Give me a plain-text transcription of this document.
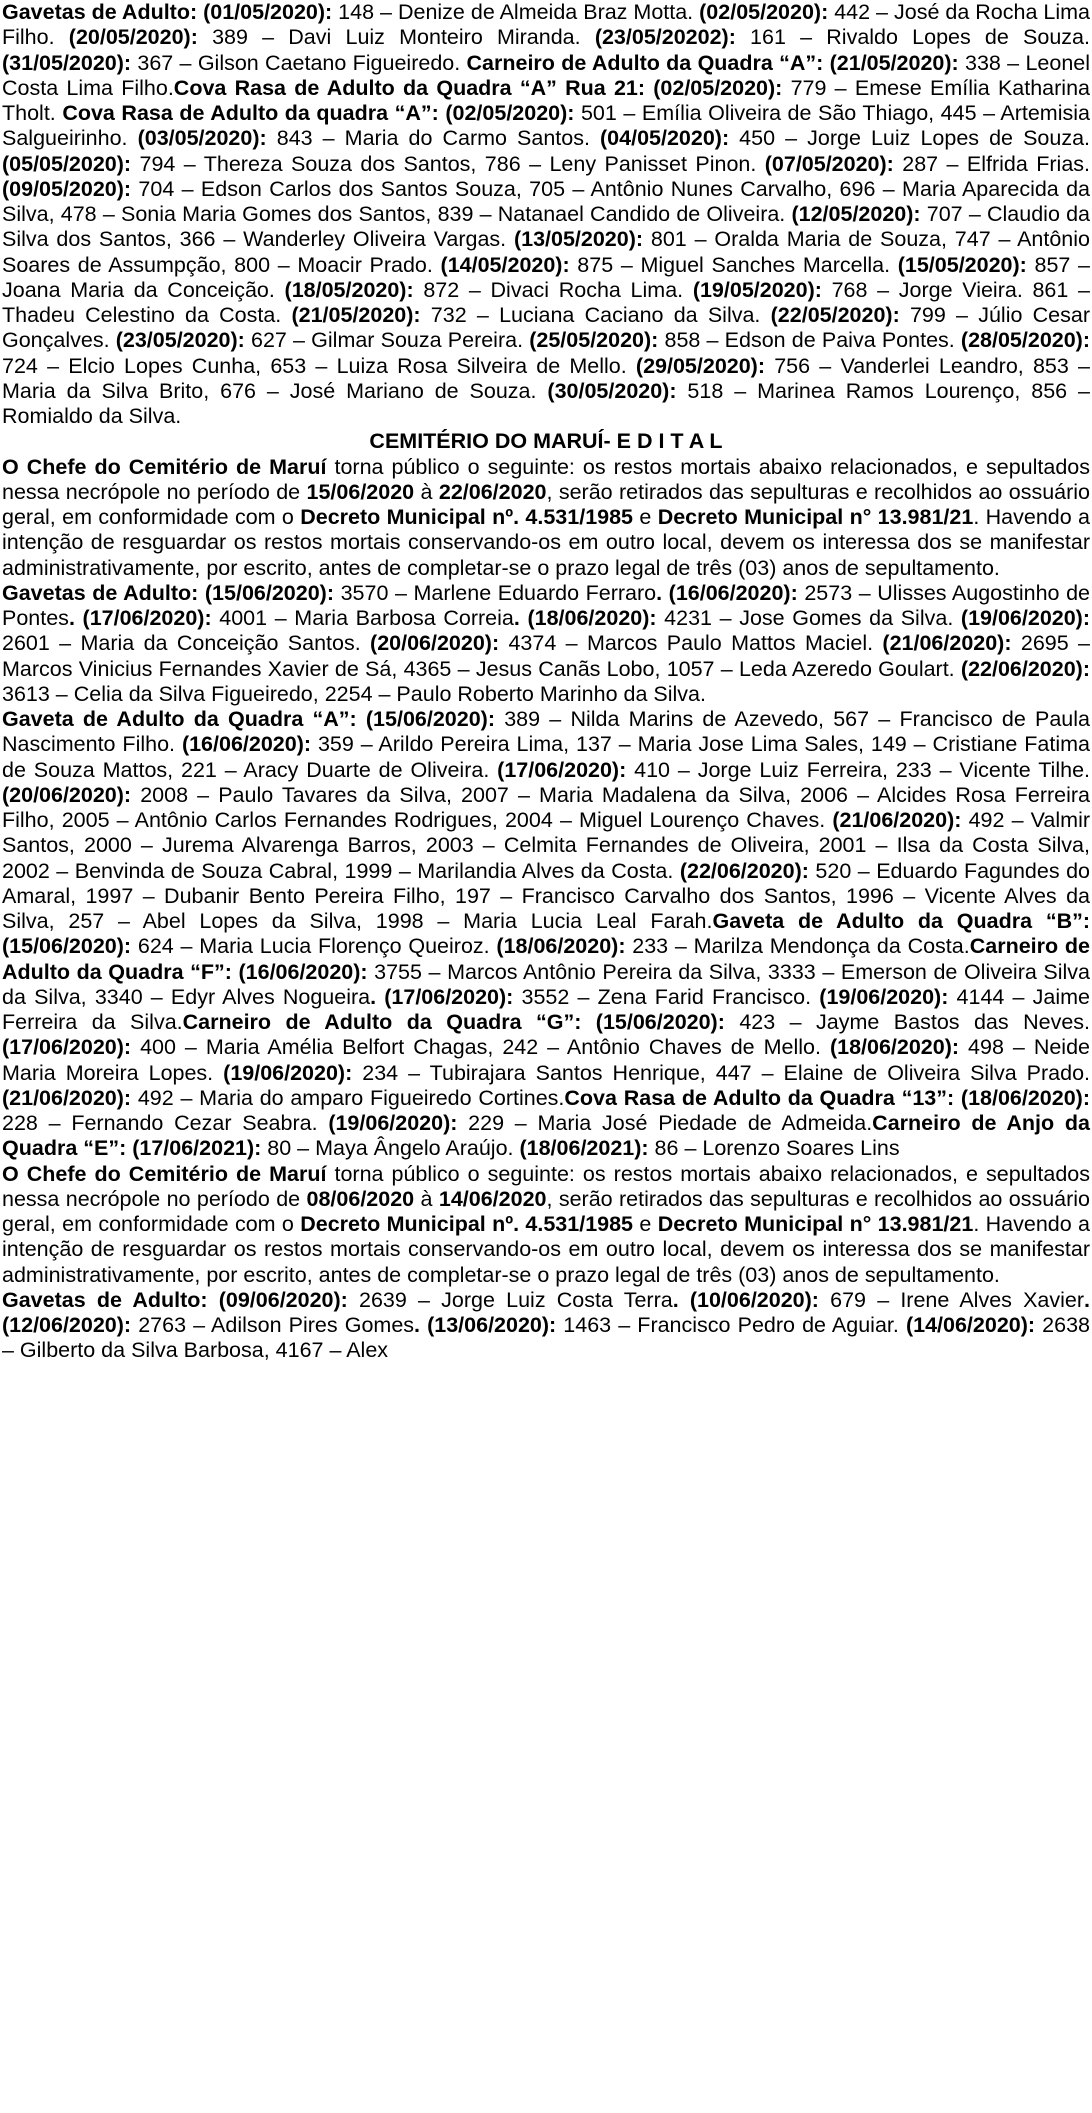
Gavetas de Adulto: (01/05/2020): 148 – Denize de Almeida Braz Motta. (02/05/2020): 442 – José da Rocha Lima Filho. (20/05/2020): 389 – Davi Luiz Monteiro Miranda. (23/05/20202): 161 – Rivaldo Lopes de Souza. (31/05/2020): 367 – Gilson Caetano Figueiredo. Carneiro de Adulto da Quadra “A”: (21/05/2020): 338 – Leonel Costa Lima Filho.Cova Rasa de Adulto da Quadra “A” Rua 21: (02/05/2020): 779 – Emese Emília Katharina Tholt. Cova Rasa de Adulto da quadra “A”: (02/05/2020): 501 – Emília Oliveira de São Thiago, 445 – Artemisia Salgueirinho. (03/05/2020): 843 – Maria do Carmo Santos. (04/05/2020): 450 – Jorge Luiz Lopes de Souza. (05/05/2020): 794 – Thereza Souza dos Santos, 786 – Leny Panisset Pinon. (07/05/2020): 287 – Elfrida Frias. (09/05/2020): 704 – Edson Carlos dos Santos Souza, 705 – Antônio Nunes Carvalho, 696 – Maria Aparecida da Silva, 478 – Sonia Maria Gomes dos Santos, 839 – Natanael Candido de Oliveira. (12/05/2020): 707 – Claudio da Silva dos Santos, 366 – Wanderley Oliveira Vargas. (13/05/2020): 801 – Oralda Maria de Souza, 747 – Antônio Soares de Assumpção, 800 – Moacir Prado. (14/05/2020): 875 – Miguel Sanches Marcella. (15/05/2020): 857 – Joana Maria da Conceição. (18/05/2020): 872 – Divaci Rocha Lima. (19/05/2020): 768 – Jorge Vieira. 861 – Thadeu Celestino da Costa. (21/05/2020): 732 – Luciana Caciano da Silva. (22/05/2020): 799 – Júlio Cesar Gonçalves. (23/05/2020): 627 – Gilmar Souza Pereira. (25/05/2020): 858 – Edson de Paiva Pontes. (28/05/2020): 724 – Elcio Lopes Cunha, 653 – Luiza Rosa Silveira de Mello. (29/05/2020): 756 – Vanderlei Leandro, 853 – Maria da Silva Brito, 676 – José Mariano de Souza. (30/05/2020): 518 – Marinea Ramos Lourenço, 856 – Romialdo da Silva.

CEMITÉRIO DO MARUÍ- E D I T A L

O Chefe do Cemitério de Maruí torna público o seguinte: os restos mortais abaixo relacionados, e sepultados nessa necrópole no período de 15/06/2020 à 22/06/2020, serão retirados das sepulturas e recolhidos ao ossuário geral, em conformidade com o Decreto Municipal nº. 4.531/1985 e Decreto Municipal n° 13.981/21. Havendo a intenção de resguardar os restos mortais conservando-os em outro local, devem os interessa dos se manifestar administrativamente, por escrito, antes de completar-se o prazo legal de três (03) anos de sepultamento.

Gavetas de Adulto: (15/06/2020): 3570 – Marlene Eduardo Ferraro. (16/06/2020): 2573 – Ulisses Augostinho de Pontes. (17/06/2020): 4001 – Maria Barbosa Correia. (18/06/2020): 4231 – Jose Gomes da Silva. (19/06/2020): 2601 – Maria da Conceição Santos. (20/06/2020): 4374 – Marcos Paulo Mattos Maciel. (21/06/2020): 2695 – Marcos Vinicius Fernandes Xavier de Sá, 4365 – Jesus Canãs Lobo, 1057 – Leda Azeredo Goulart. (22/06/2020): 3613 – Celia da Silva Figueiredo, 2254 – Paulo Roberto Marinho da Silva.

Gaveta de Adulto da Quadra “A”: (15/06/2020): 389 – Nilda Marins de Azevedo, 567 – Francisco de Paula Nascimento Filho. (16/06/2020): 359 – Arildo Pereira Lima, 137 – Maria Jose Lima Sales, 149 – Cristiane Fatima de Souza Mattos, 221 – Aracy Duarte de Oliveira. (17/06/2020): 410 – Jorge Luiz Ferreira, 233 – Vicente Tilhe. (20/06/2020): 2008 – Paulo Tavares da Silva, 2007 – Maria Madalena da Silva, 2006 – Alcides Rosa Ferreira Filho, 2005 – Antônio Carlos Fernandes Rodrigues, 2004 – Miguel Lourenço Chaves. (21/06/2020): 492 – Valmir Santos, 2000 – Jurema Alvarenga Barros, 2003 – Celmita Fernandes de Oliveira, 2001 – Ilsa da Costa Silva, 2002 – Benvinda de Souza Cabral, 1999 – Marilandia Alves da Costa. (22/06/2020): 520 – Eduardo Fagundes do Amaral, 1997 – Dubanir Bento Pereira Filho, 197 – Francisco Carvalho dos Santos, 1996 – Vicente Alves da Silva, 257 – Abel Lopes da Silva, 1998 – Maria Lucia Leal Farah.Gaveta de Adulto da Quadra “B”: (15/06/2020): 624 – Maria Lucia Florenço Queiroz. (18/06/2020): 233 – Marilza Mendonça da Costa.Carneiro de Adulto da Quadra “F”: (16/06/2020): 3755 – Marcos Antônio Pereira da Silva, 3333 – Emerson de Oliveira Silva da Silva, 3340 – Edyr Alves Nogueira. (17/06/2020): 3552 – Zena Farid Francisco. (19/06/2020): 4144 – Jaime Ferreira da Silva.Carneiro de Adulto da Quadra “G”: (15/06/2020): 423 – Jayme Bastos das Neves. (17/06/2020): 400 – Maria Amélia Belfort Chagas, 242 – Antônio Chaves de Mello. (18/06/2020): 498 – Neide Maria Moreira Lopes. (19/06/2020): 234 – Tubirajara Santos Henrique, 447 – Elaine de Oliveira Silva Prado. (21/06/2020): 492 – Maria do amparo Figueiredo Cortines.Cova Rasa de Adulto da Quadra “13”: (18/06/2020): 228 – Fernando Cezar Seabra. (19/06/2020): 229 – Maria José Piedade de Admeida.Carneiro de Anjo da Quadra “E”: (17/06/2021): 80 – Maya Ângelo Araújo. (18/06/2021): 86 – Lorenzo Soares Lins

O Chefe do Cemitério de Maruí torna público o seguinte: os restos mortais abaixo relacionados, e sepultados nessa necrópole no período de 08/06/2020 à 14/06/2020, serão retirados das sepulturas e recolhidos ao ossuário geral, em conformidade com o Decreto Municipal nº. 4.531/1985 e Decreto Municipal n° 13.981/21. Havendo a intenção de resguardar os restos mortais conservando-os em outro local, devem os interessa dos se manifestar administrativamente, por escrito, antes de completar-se o prazo legal de três (03) anos de sepultamento.

Gavetas de Adulto: (09/06/2020): 2639 – Jorge Luiz Costa Terra. (10/06/2020): 679 – Irene Alves Xavier. (12/06/2020): 2763 – Adilson Pires Gomes. (13/06/2020): 1463 – Francisco Pedro de Aguiar. (14/06/2020): 2638 – Gilberto da Silva Barbosa, 4167 – Alex
